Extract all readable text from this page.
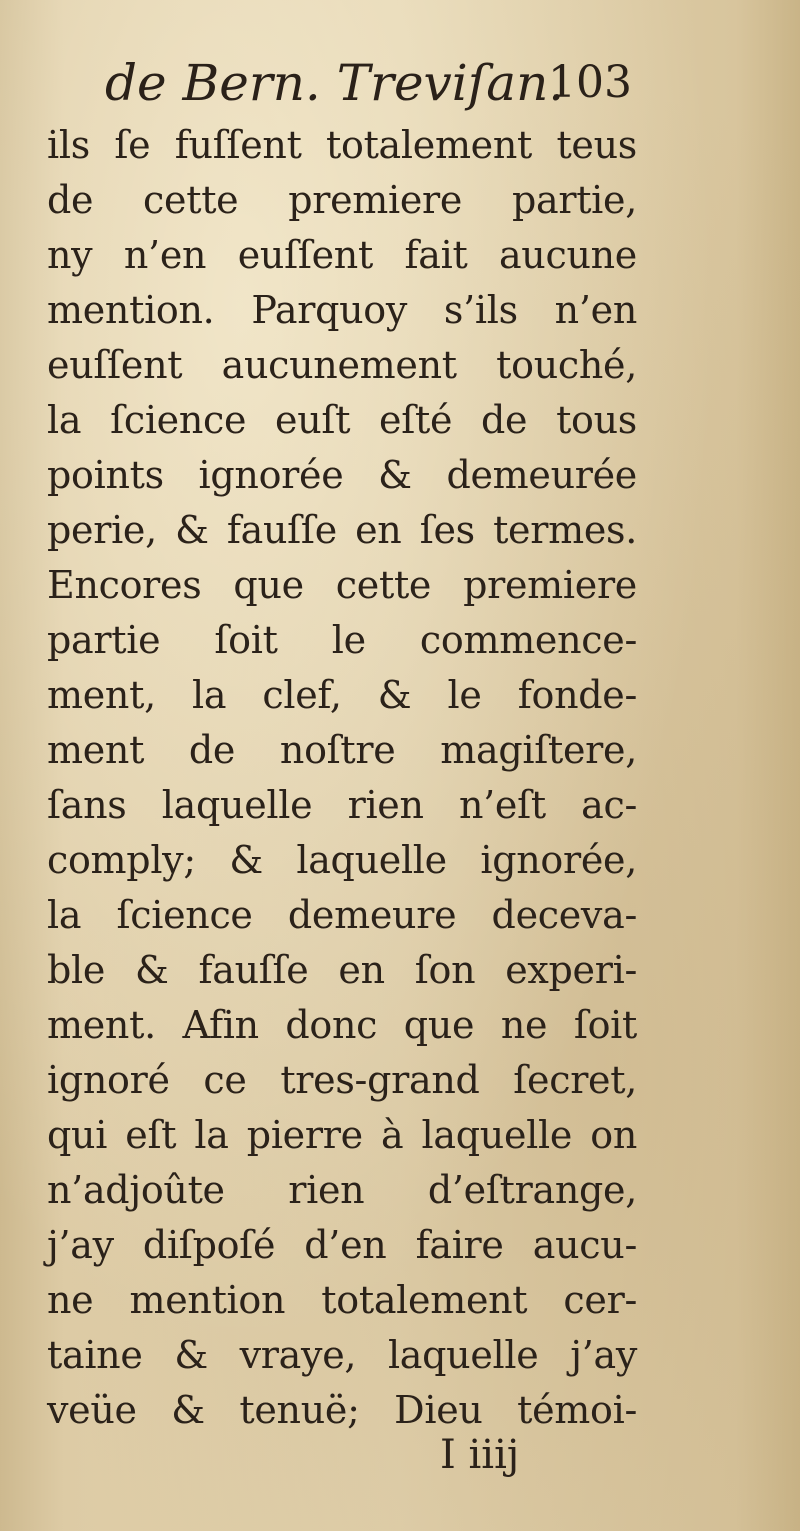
de Bern. Treviſan.
103
ils ſe fuſſent totalement teus
de cette premiere partie,
ny n’en euſſent fait aucune
mention. Parquoy s’ils n’en
euſſent aucunement touché,
la ſcience euſt eſté de tous
points ignorée & demeurée
perie, & fauſſe en ſes termes.
Encores que cette premiere
partie ſoit le commence-
ment, la clef, & le fonde-
ment de noſtre magiſtere,
ſans laquelle rien n’eſt ac-
comply; & laquelle ignorée,
la ſcience demeure deceva-
ble & fauſſe en ſon experi-
ment. Afin donc que ne ſoit
ignoré ce tres-grand ſecret,
qui eſt la pierre à laquelle on
n’adjoûte rien d’eſtrange,
j’ay diſpoſé d’en faire aucu-
ne mention totalement cer-
taine & vraye, laquelle j’ay
veüe & tenuë; Dieu témoi-
I iiij
